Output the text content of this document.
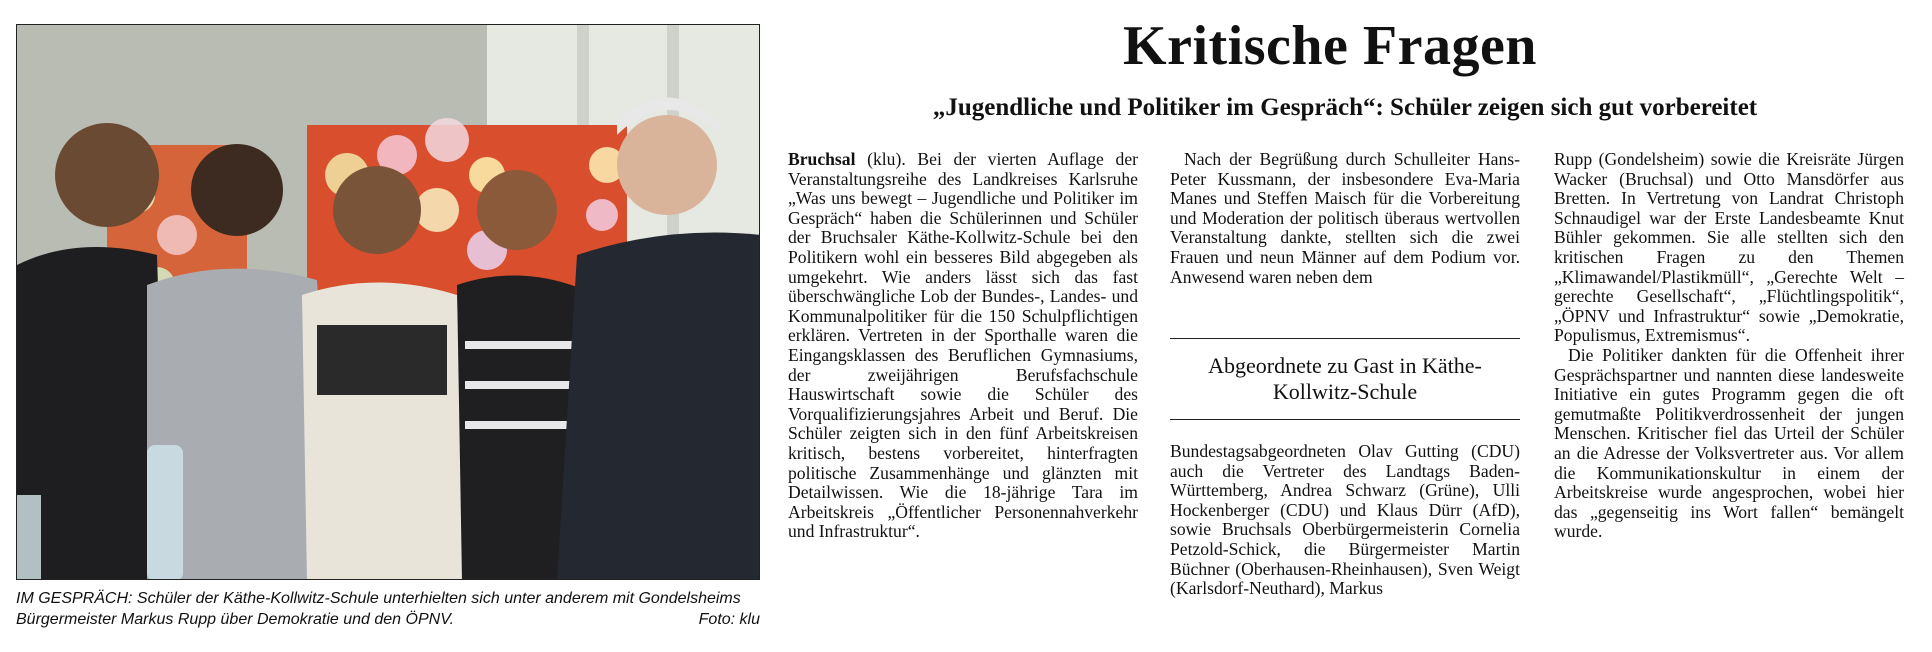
IM GESPRÄCH: Schüler der Käthe-Kollwitz-Schule unterhielten sich unter anderem mit Gondelsheims Bürgermeister Markus Rupp über Demokratie und den ÖPNV.	Foto: klu
Kritische Fragen
„Jugendliche und Politiker im Gespräch“: Schüler zeigen sich gut vorbereitet

Bruchsal (klu). Bei der vierten Auflage der Veranstaltungsreihe des Landkreises Karlsruhe „Was uns bewegt – Jugendliche und Politiker im Gespräch“ haben die Schülerinnen und Schüler der Bruchsaler Käthe-Kollwitz-Schule bei den Politikern wohl ein besseres Bild abgegeben als umgekehrt. Wie anders lässt sich das fast überschwängliche Lob der Bundes-, Landes- und Kommunalpolitiker für die 150 Schulpflichtigen erklären. Vertreten in der Sporthalle waren die Eingangsklassen des Beruflichen Gymnasiums, der zweijährigen Berufsfachschule Hauswirtschaft sowie die Schüler des Vorqualifizierungsjahres Arbeit und Beruf. Die Schüler zeigten sich in den fünf Arbeitskreisen kritisch, bestens vorbereitet, hinterfragten politische Zusammenhänge und glänzten mit Detailwissen. Wie die 18-jährige Tara im Arbeitskreis „Öffentlicher Personennahverkehr und Infrastruktur“.

Nach der Begrüßung durch Schulleiter Hans-Peter Kussmann, der insbesondere Eva-Maria Manes und Steffen Maisch für die Vorbereitung und Moderation der politisch überaus wertvollen Veranstaltung dankte, stellten sich die zwei Frauen und neun Männer auf dem Podium vor. Anwesend waren neben dem

Abgeordnete zu Gast in Käthe-Kollwitz-Schule

Bundestagsabgeordneten Olav Gutting (CDU) auch die Vertreter des Landtags Baden-Württemberg, Andrea Schwarz (Grüne), Ulli Hockenberger (CDU) und Klaus Dürr (AfD), sowie Bruchsals Oberbürgermeisterin Cornelia Petzold-Schick, die Bürgermeister Martin Büchner (Oberhausen-Rheinhausen), Sven Weigt (Karlsdorf-Neuthard), Markus

Rupp (Gondelsheim) sowie die Kreisräte Jürgen Wacker (Bruchsal) und Otto Mansdörfer aus Bretten. In Vertretung von Landrat Christoph Schnaudigel war der Erste Landesbeamte Knut Bühler gekommen. Sie alle stellten sich den kritischen Fragen zu den Themen „Klimawandel/Plastikmüll“, „Gerechte Welt – gerechte Gesellschaft“, „Flüchtlingspolitik“, „ÖPNV und Infrastruktur“ sowie „Demokratie, Populismus, Extremismus“.

Die Politiker dankten für die Offenheit ihrer Gesprächspartner und nannten diese landesweite Initiative ein gutes Programm gegen die oft gemutmaßte Politikverdrossenheit der jungen Menschen. Kritischer fiel das Urteil der Schüler an die Adresse der Volksvertreter aus. Vor allem die Kommunikationskultur in einem der Arbeitskreise wurde angesprochen, wobei hier das „gegenseitig ins Wort fallen“ bemängelt wurde.
